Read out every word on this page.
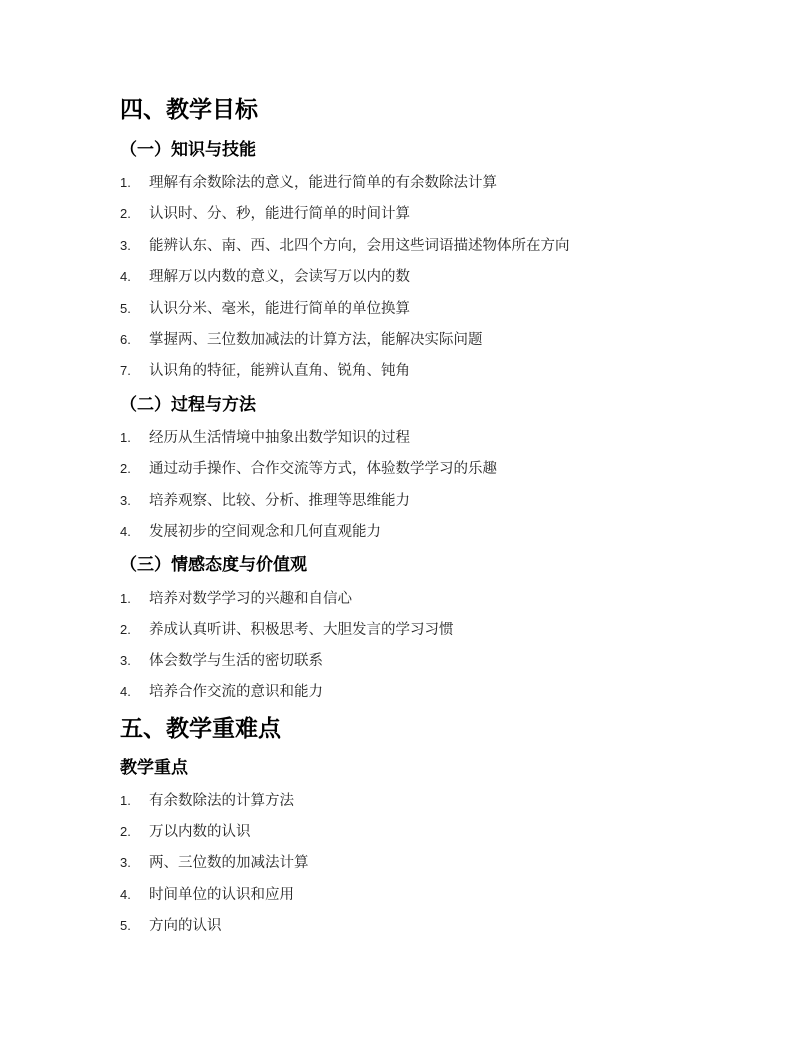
四、教学目标
（一）知识与技能
1.	理解有余数除法的意义，能进行简单的有余数除法计算
2.	认识时、分、秒，能进行简单的时间计算
3.	能辨认东、南、西、北四个方向，会用这些词语描述物体所在方向
4.	理解万以内数的意义，会读写万以内的数
5.	认识分米、毫米，能进行简单的单位换算
6.	掌握两、三位数加减法的计算方法，能解决实际问题
7.	认识角的特征，能辨认直角、锐角、钝角
（二）过程与方法
1.	经历从生活情境中抽象出数学知识的过程
2.	通过动手操作、合作交流等方式，体验数学学习的乐趣
3.	培养观察、比较、分析、推理等思维能力
4.	发展初步的空间观念和几何直观能力
（三）情感态度与价值观
1.	培养对数学学习的兴趣和自信心
2.	养成认真听讲、积极思考、大胆发言的学习习惯
3.	体会数学与生活的密切联系
4.	培养合作交流的意识和能力
五、教学重难点
教学重点
1.	有余数除法的计算方法
2.	万以内数的认识
3.	两、三位数的加减法计算
4.	时间单位的认识和应用
5.	方向的认识
